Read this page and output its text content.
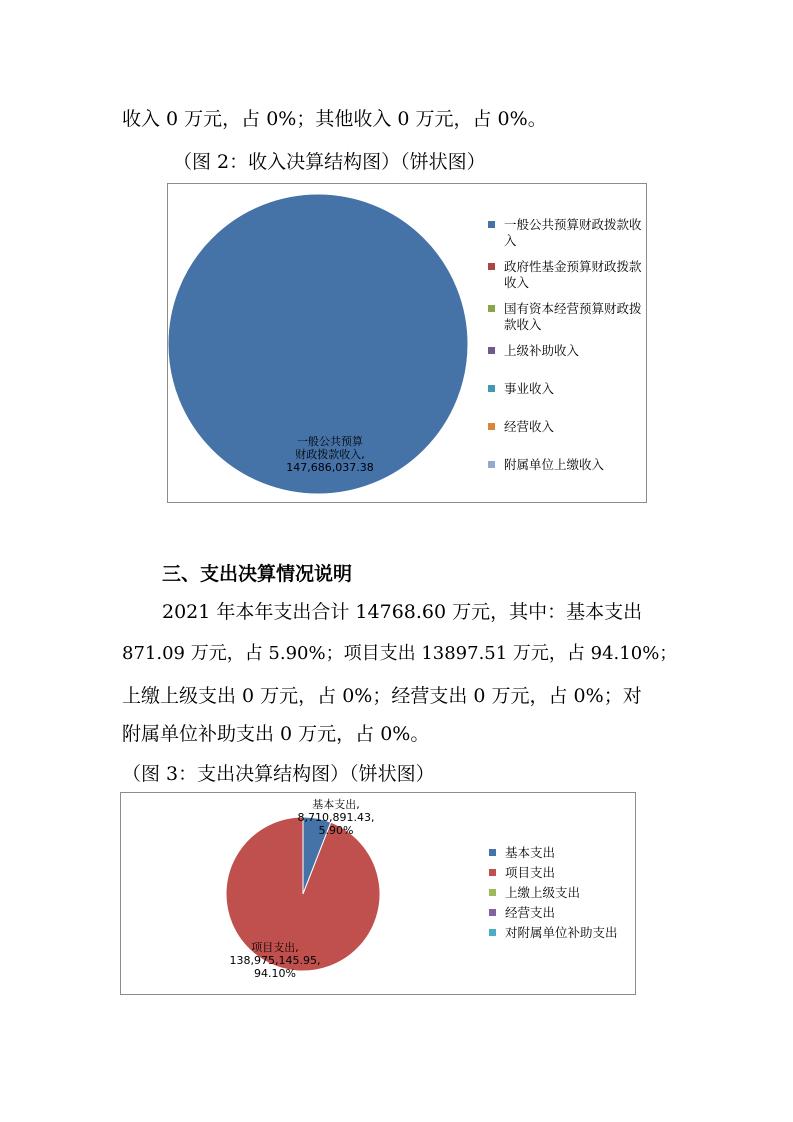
收入 0 万元，占 0%；其他收入 0 万元，占 0%。
（图 2：收入决算结构图）（饼状图）
一般公共预算
财政拨款收入,
147,686,037.38
一般公共预算财政拨款收
入
政府性基金预算财政拨款
收入
国有资本经营预算财政拨
款收入
上级补助收入
事业收入
经营收入
附属单位上缴收入
三、支出决算情况说明
2021 年本年支出合计 14768.60 万元，其中：基本支出
871.09 万元，占 5.90%；项目支出 13897.51 万元，占 94.10%；
上缴上级支出 0 万元，占 0%；经营支出 0 万元，占 0%；对
附属单位补助支出 0 万元，占 0%。
（图 3：支出决算结构图）（饼状图）
基本支出,
8,710,891.43,
5.90%
项目支出,
138,975,145.95,
94.10%
基本支出
项目支出
上缴上级支出
经营支出
对附属单位补助支出
